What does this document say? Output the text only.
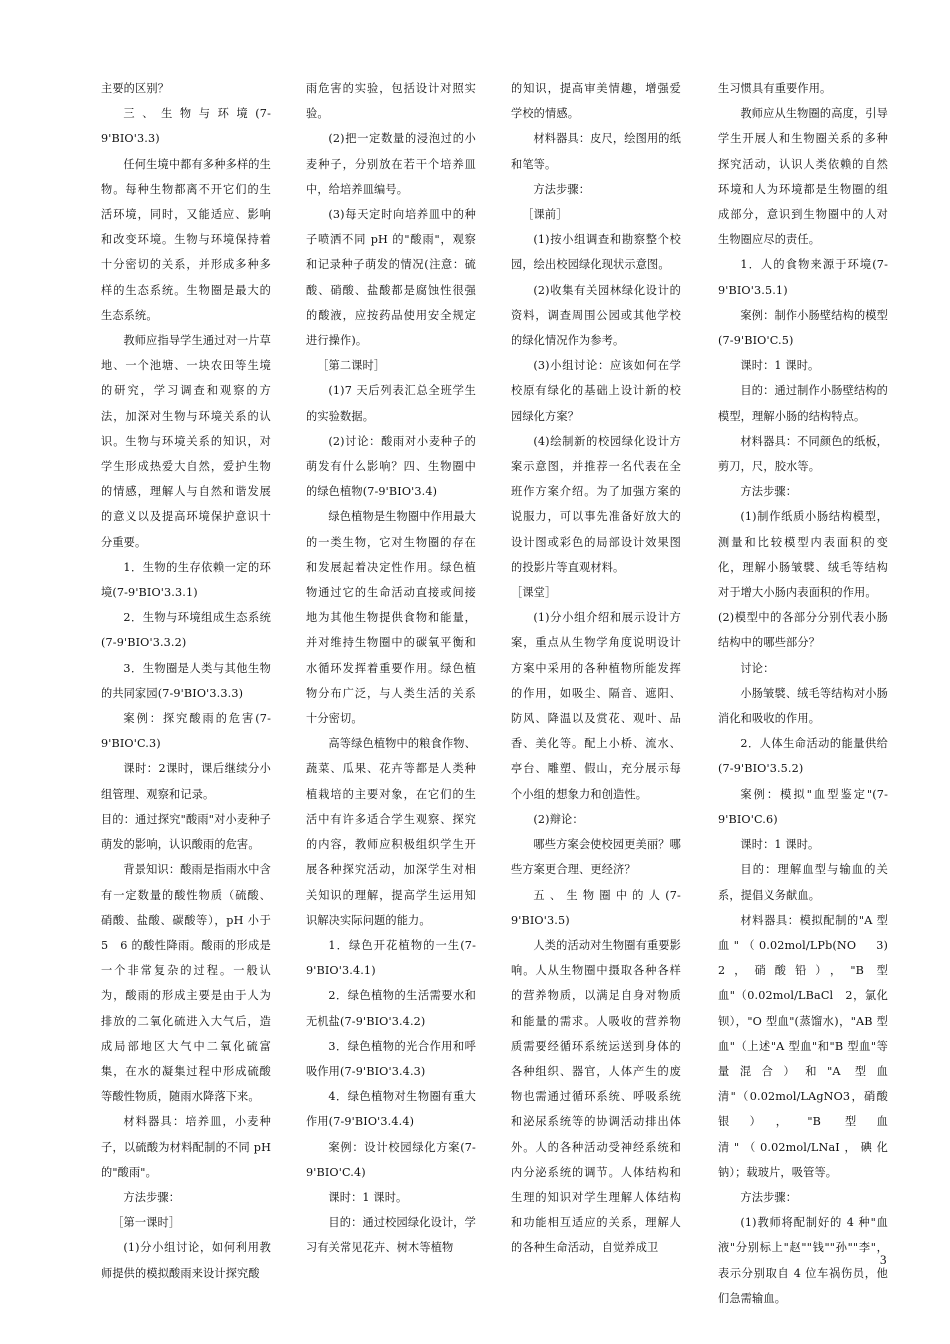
主要的区别？

三、生物与环境(7-9'BIO'3.3)

任何生境中都有多种多样的生物。每种生物都离不开它们的生活环境，同时，又能适应、影响和改变环境。生物与环境保持着十分密切的关系，并形成多种多样的生态系统。生物圈是最大的生态系统。

教师应指导学生通过对一片草地、一个池塘、一块农田等生境的研究，学习调查和观察的方法，加深对生物与环境关系的认识。生物与环境关系的知识，对学生形成热爱大自然，爱护生物的情感，理解人与自然和谐发展的意义以及提高环境保护意识十分重要。

1．生物的生存依赖一定的环境(7-9'BIO'3.3.1)

2．生物与环境组成生态系统(7-9'BIO'3.3.2)

3．生物圈是人类与其他生物的共同家园(7-9'BIO'3.3.3)

案例：探究酸雨的危害(7-9'BIO'C.3)

课时：2课时，课后继续分小组管理、观察和记录。

目的：通过探究"酸雨"对小麦种子萌发的影响，认识酸雨的危害。

背景知识：酸雨是指雨水中含有一定数量的酸性物质（硫酸、硝酸、盐酸、碳酸等），pH 小于 5　6 的酸性降雨。酸雨的形成是一个非常复杂的过程。一般认为，酸雨的形成主要是由于人为排放的二氧化硫进入大气后，造成局部地区大气中二氧化硫富集，在水的凝集过程中形成硫酸等酸性物质，随雨水降落下来。

材料器具：培养皿，小麦种子，以硫酸为材料配制的不同 pH 的"酸雨"。

方法步骤：

［第一课时］

(1)分小组讨论，如何利用教师提供的模拟酸雨来设计探究酸

雨危害的实验，包括设计对照实验。

(2)把一定数量的浸泡过的小麦种子，分别放在若干个培养皿中，给培养皿编号。

(3)每天定时向培养皿中的种子喷洒不同 pH 的"酸雨"，观察和记录种子萌发的情况(注意：硫酸、硝酸、盐酸都是腐蚀性很强的酸液，应按药品使用安全规定进行操作)。

［第二课时］

(1)7 天后列表汇总全班学生的实验数据。

(2)讨论：酸雨对小麦种子的萌发有什么影响？四、生物圈中的绿色植物(7-9'BIO'3.4)

绿色植物是生物圈中作用最大的一类生物，它对生物圈的存在和发展起着决定性作用。绿色植物通过它的生命活动直接或间接地为其他生物提供食物和能量，并对维持生物圈中的碳氧平衡和水循环发挥着重要作用。绿色植物分布广泛，与人类生活的关系十分密切。

高等绿色植物中的粮食作物、蔬菜、瓜果、花卉等都是人类种植栽培的主要对象，在它们的生活中有许多适合学生观察、探究的内容，教师应积极组织学生开展各种探究活动，加深学生对相关知识的理解，提高学生运用知识解决实际问题的能力。

1．绿色开花植物的一生(7-9'BIO'3.4.1)

2．绿色植物的生活需要水和无机盐(7-9'BIO'3.4.2)

3．绿色植物的光合作用和呼吸作用(7-9'BIO'3.4.3)

4．绿色植物对生物圈有重大作用(7-9'BIO'3.4.4)

案例：设计校园绿化方案(7-9'BIO'C.4)

课时：1 课时。

目的：通过校园绿化设计，学习有关常见花卉、树木等植物

的知识，提高审美情趣，增强爱学校的情感。

材料器具：皮尺，绘图用的纸和笔等。

方法步骤：

［课前］

(1)按小组调查和勘察整个校园，绘出校园绿化现状示意图。

(2)收集有关园林绿化设计的资料，调查周围公园或其他学校的绿化情况作为参考。

(3)小组讨论：应该如何在学校原有绿化的基础上设计新的校园绿化方案？

(4)绘制新的校园绿化设计方案示意图，并推荐一名代表在全班作方案介绍。为了加强方案的说服力，可以事先准备好放大的设计图或彩色的局部设计效果图的投影片等直观材料。

［课堂］

(1)分小组介绍和展示设计方案，重点从生物学角度说明设计方案中采用的各种植物所能发挥的作用，如吸尘、隔音、遮阳、防风、降温以及赏花、观叶、品香、美化等。配上小桥、流水、亭台、雕塑、假山，充分展示每个小组的想象力和创造性。

(2)辩论：

哪些方案会使校园更美丽？哪些方案更合理、更经济？

五、生物圈中的人(7-9'BIO'3.5)

人类的活动对生物圈有重要影响。人从生物圈中摄取各种各样的营养物质，以满足自身对物质和能量的需求。人吸收的营养物质需要经循环系统运送到身体的各种组织、器官，人体产生的废物也需通过循环系统、呼吸系统和泌尿系统等的协调活动排出体外。人的各种活动受神经系统和内分泌系统的调节。人体结构和生理的知识对学生理解人体结构和功能相互适应的关系，理解人的各种生命活动，自觉养成卫

生习惯具有重要作用。

教师应从生物圈的高度，引导学生开展人和生物圈关系的多种探究活动，认识人类依赖的自然环境和人为环境都是生物圈的组成部分，意识到生物圈中的人对生物圈应尽的责任。

1．人的食物来源于环境(7-9'BIO'3.5.1)

案例：制作小肠壁结构的模型(7-9'BIO'C.5)

课时：1 课时。

目的：通过制作小肠壁结构的模型，理解小肠的结构特点。

材料器具：不同颜色的纸板，剪刀，尺，胶水等。

方法步骤：

(1)制作纸质小肠结构模型，测量和比较模型内表面积的变化，理解小肠皱襞、绒毛等结构对于增大小肠内表面积的作用。

(2)模型中的各部分分别代表小肠结构中的哪些部分？

讨论：

小肠皱襞、绒毛等结构对小肠消化和吸收的作用。

2．人体生命活动的能量供给(7-9'BIO'3.5.2)

案例：模拟"血型鉴定"(7-9'BIO'C.6)

课时：1 课时。

目的：理解血型与输血的关系，提倡义务献血。

材料器具：模拟配制的"A 型血"（0.02mol/LPb(NO　3)　2，硝酸铅），"B 型血"（0.02mol/LBaCl　2，氯化钡），"O 型血"(蒸馏水)，"AB 型血"（上述"A 型血"和"B 型血"等量混合）和"A 型血清"（0.02mol/LAgNO3，硝酸银），"B 型血清"（0.02mol/LNaI，碘化钠）；载玻片，吸管等。

方法步骤：

(1)教师将配制好的 4 种"血液"分别标上"赵""钱""孙""李"，表示分别取自 4 位车祸伤员，他们急需输血。

3
